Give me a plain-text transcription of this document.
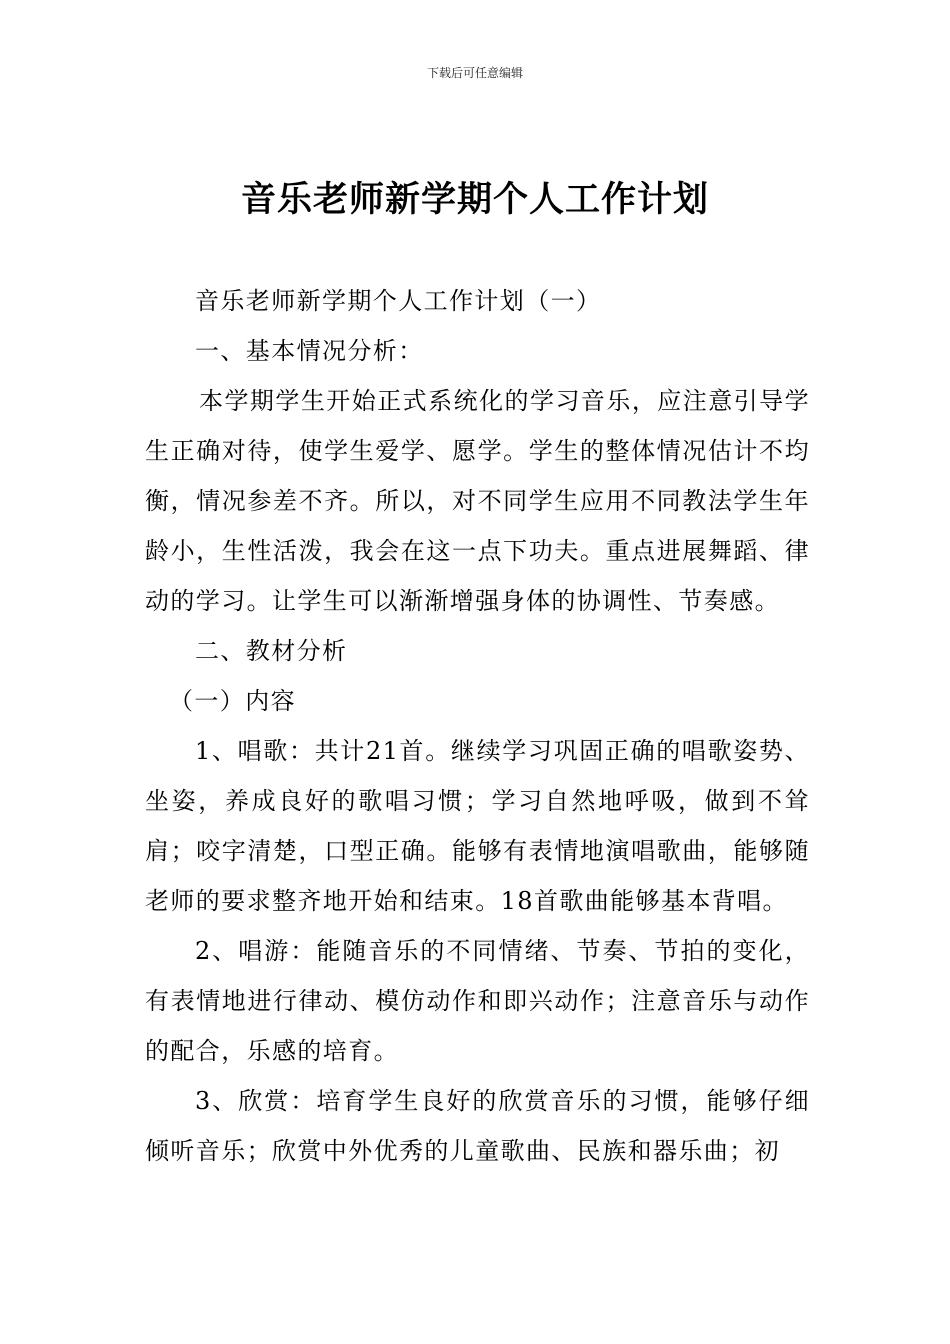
下载后可任意编辑
音乐老师新学期个人工作计划

音乐老师新学期个人工作计划（一）

一、基本情况分析：

本学期学生开始正式系统化的学习音乐，应注意引导学生正确对待，使学生爱学、愿学。学生的整体情况估计不均衡，情况参差不齐。所以，对不同学生应用不同教法学生年龄小，生性活泼，我会在这一点下功夫。重点进展舞蹈、律动的学习。让学生可以渐渐增强身体的协调性、节奏感。

二、教材分析

（一）内容

1、唱歌：共计21首。继续学习巩固正确的唱歌姿势、坐姿，养成良好的歌唱习惯；学习自然地呼吸，做到不耸肩；咬字清楚，口型正确。能够有表情地演唱歌曲，能够随老师的要求整齐地开始和结束。18首歌曲能够基本背唱。

2、唱游：能随音乐的不同情绪、节奏、节拍的变化，有表情地进行律动、模仿动作和即兴动作；注意音乐与动作的配合，乐感的培育。

3、欣赏：培育学生良好的欣赏音乐的习惯，能够仔细倾听音乐；欣赏中外优秀的儿童歌曲、民族和器乐曲；初
